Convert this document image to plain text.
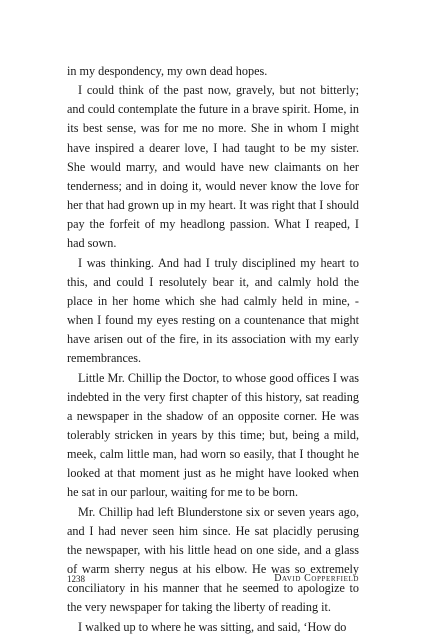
in my despondency, my own dead hopes.

I could think of the past now, gravely, but not bitterly; and could contemplate the future in a brave spirit. Home, in its best sense, was for me no more. She in whom I might have inspired a dearer love, I had taught to be my sister. She would marry, and would have new claimants on her tenderness; and in doing it, would never know the love for her that had grown up in my heart. It was right that I should pay the forfeit of my headlong passion. What I reaped, I had sown.

I was thinking. And had I truly disciplined my heart to this, and could I resolutely bear it, and calmly hold the place in her home which she had calmly held in mine, - when I found my eyes resting on a countenance that might have arisen out of the fire, in its association with my early remembrances.

Little Mr. Chillip the Doctor, to whose good offices I was indebted in the very first chapter of this history, sat reading a newspaper in the shadow of an opposite corner. He was tolerably stricken in years by this time; but, being a mild, meek, calm little man, had worn so easily, that I thought he looked at that moment just as he might have looked when he sat in our parlour, waiting for me to be born.

Mr. Chillip had left Blunderstone six or seven years ago, and I had never seen him since. He sat placidly perusing the newspaper, with his little head on one side, and a glass of warm sherry negus at his elbow. He was so extremely conciliatory in his manner that he seemed to apologize to the very newspaper for taking the liberty of reading it.

I walked up to where he was sitting, and said, ‘How do

1238	David Copperfield
